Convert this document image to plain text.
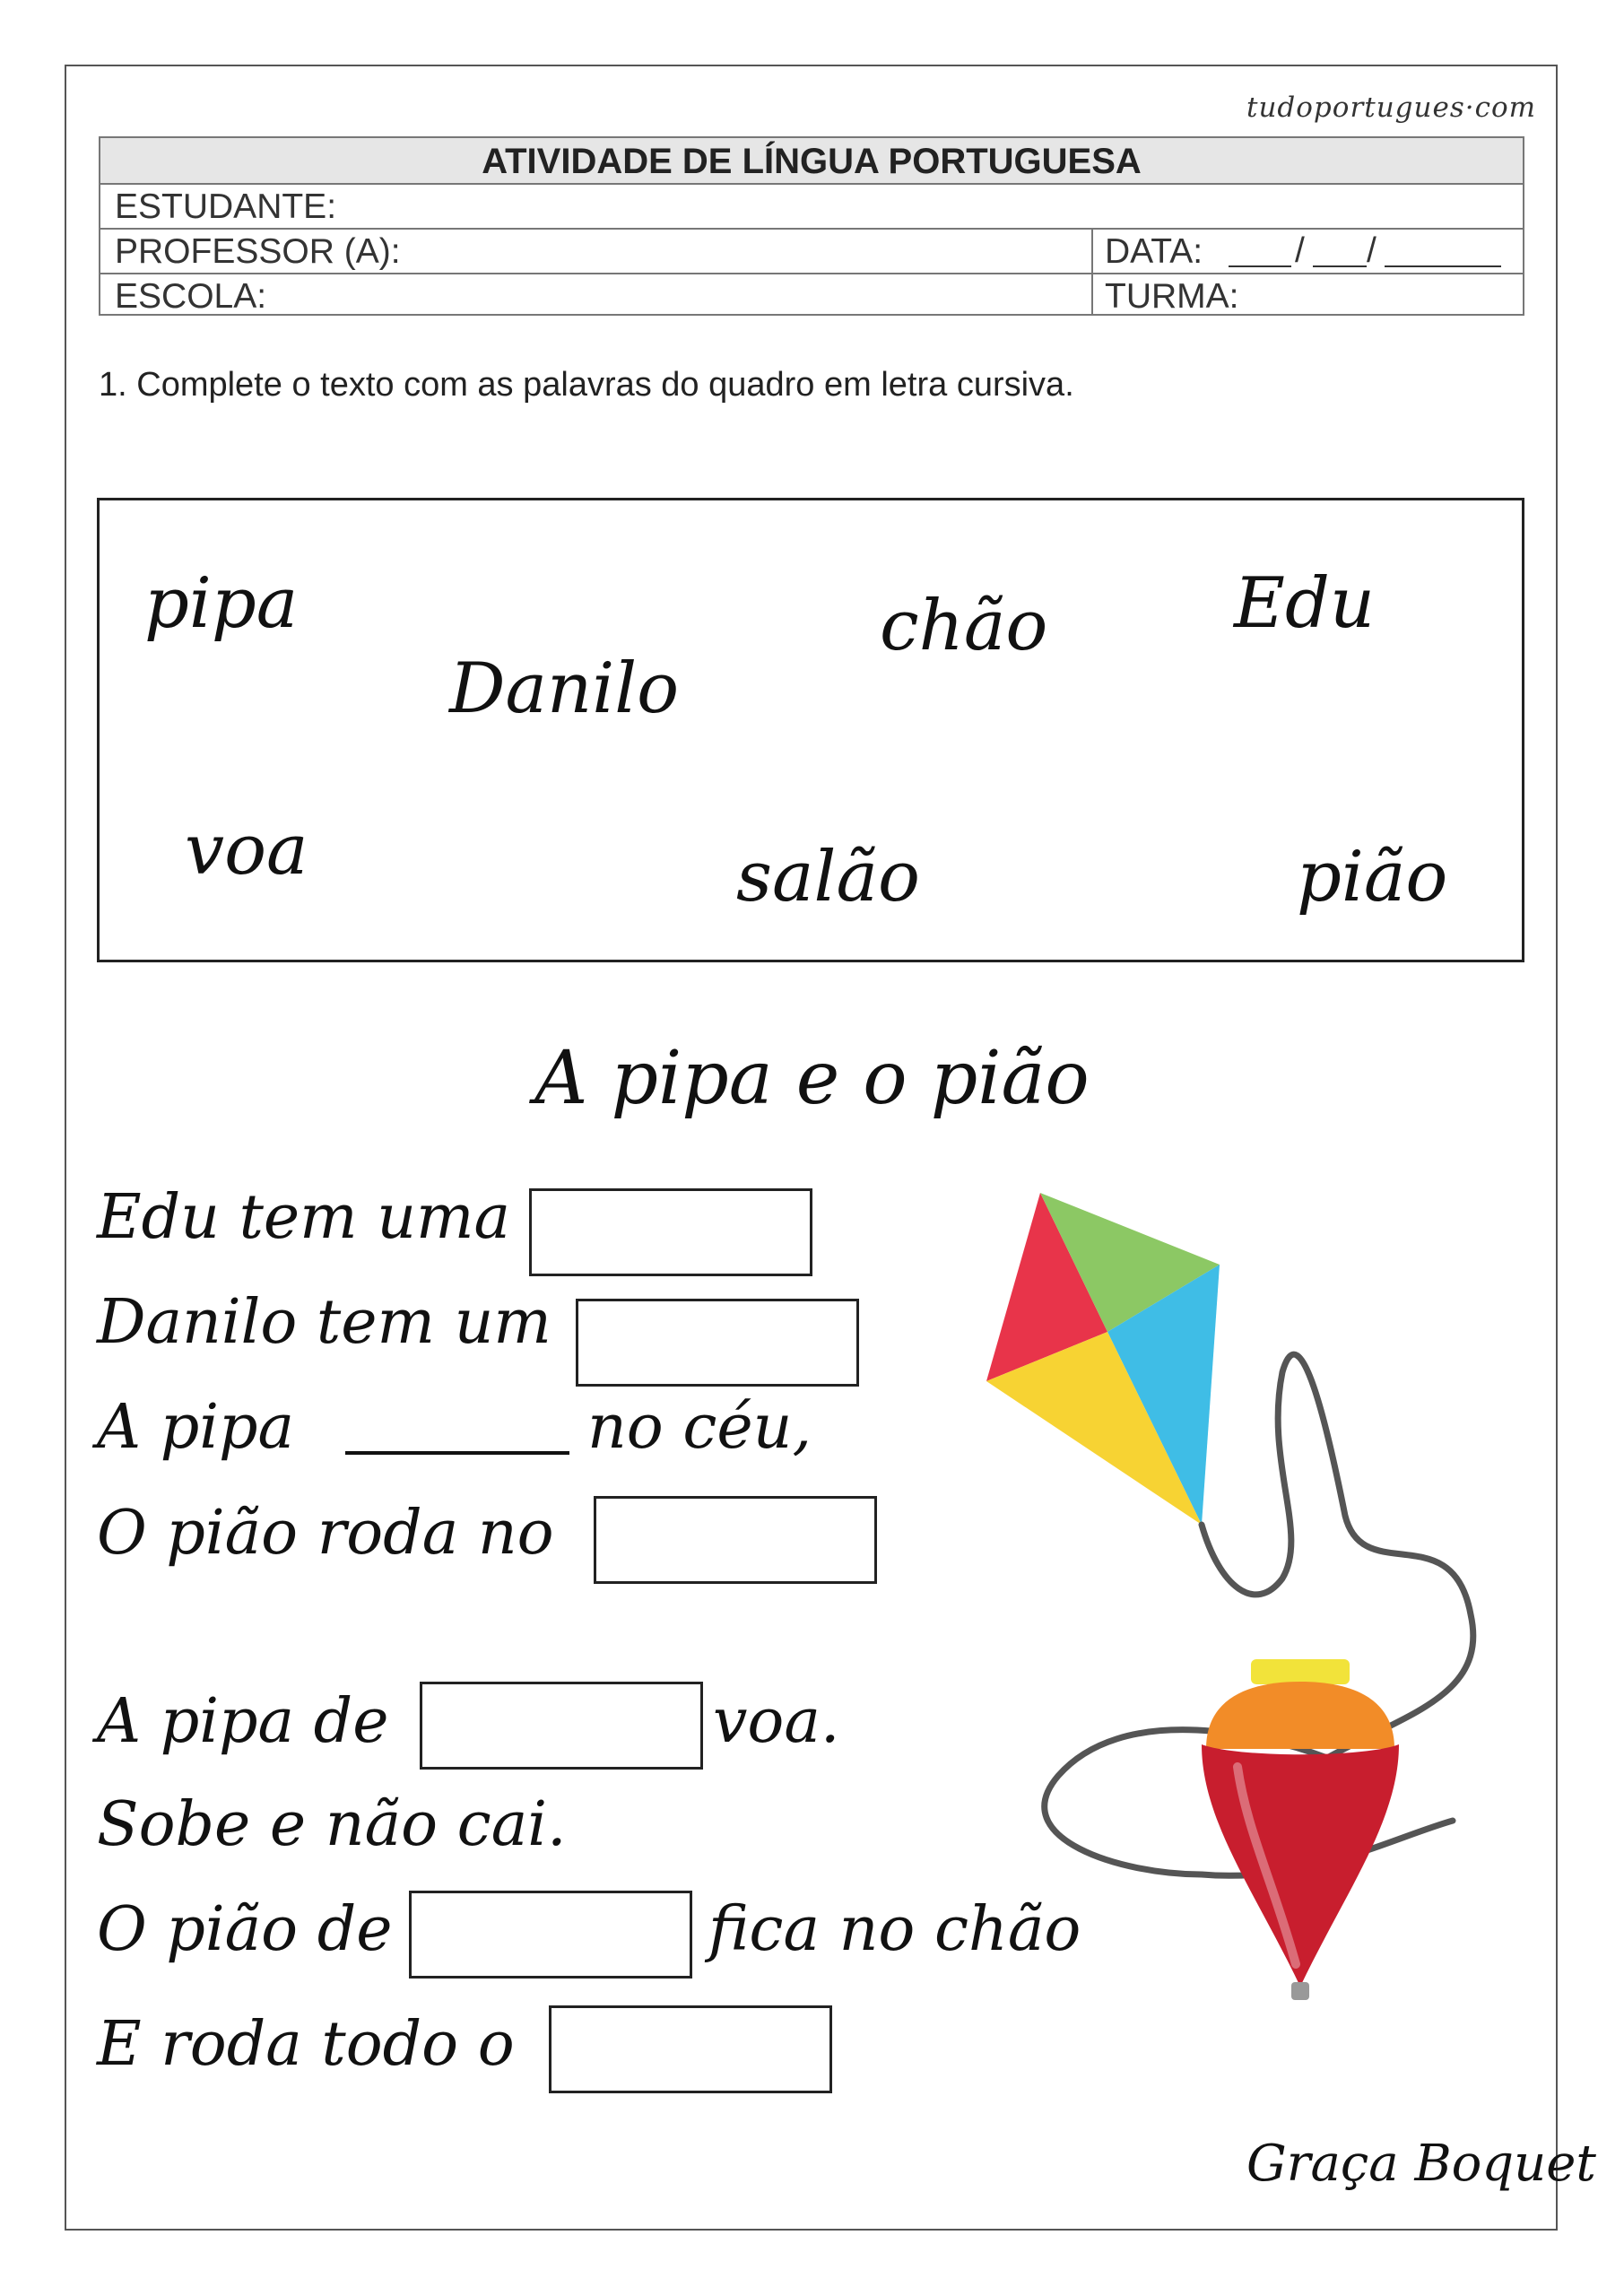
tudoportugues·com
ATIVIDADE DE LÍNGUA PORTUGUESA
ESTUDANTE:
PROFESSOR (A):	DATA:	/ /
ESCOLA:	TURMA:
1. Complete o texto com as palavras do quadro em letra cursiva.
pipa
Danilo
chão	Edu
voa	salão	pião
A pipa e o pião
Edu tem uma
Danilo tem um
A pipa	no céu,
O pião roda no
A pipa de	voa.
Sobe e não cai.
O pião de	fica no chão
E roda todo o
Graça Boquet
